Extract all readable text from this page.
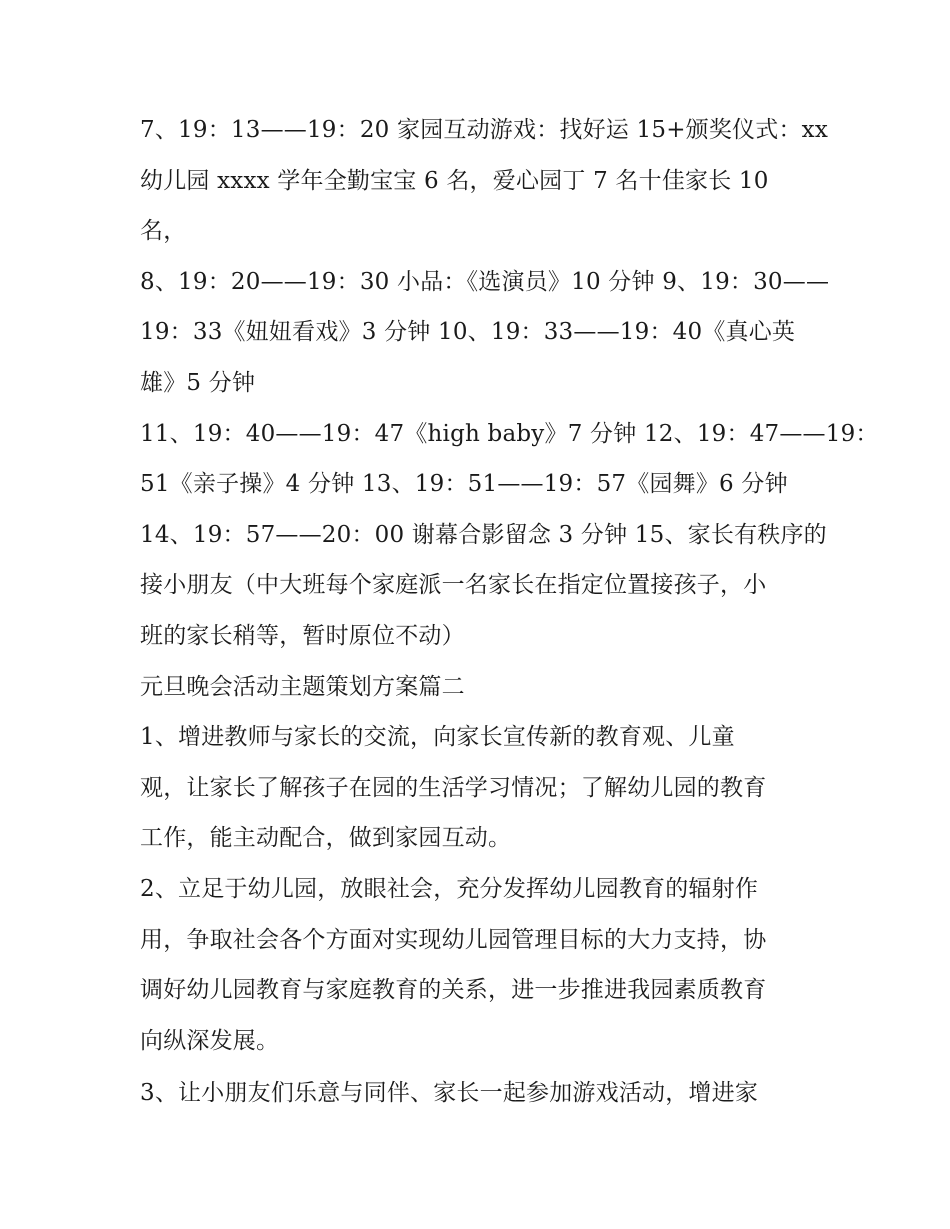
7、19：13——19：20 家园互动游戏：找好运 15+颁奖仪式：xx
幼儿园 xxxx 学年全勤宝宝 6 名，爱心园丁 7 名十佳家长 10
名，
8、19：20——19：30 小品：《选演员》10 分钟 9、19：30——
19：33《妞妞看戏》3 分钟 10、19：33——19：40《真心英
雄》5 分钟
11、19：40——19：47《high baby》7 分钟 12、19：47——19：
51《亲子操》4 分钟 13、19：51——19：57《园舞》6 分钟
14、19：57——20：00 谢幕合影留念 3 分钟 15、家长有秩序的
接小朋友（中大班每个家庭派一名家长在指定位置接孩子，小
班的家长稍等，暂时原位不动）
元旦晚会活动主题策划方案篇二
1、增进教师与家长的交流，向家长宣传新的教育观、儿童
观，让家长了解孩子在园的生活学习情况；了解幼儿园的教育
工作，能主动配合，做到家园互动。
2、立足于幼儿园，放眼社会，充分发挥幼儿园教育的辐射作
用，争取社会各个方面对实现幼儿园管理目标的大力支持，协
调好幼儿园教育与家庭教育的关系，进一步推进我园素质教育
向纵深发展。
3、让小朋友们乐意与同伴、家长一起参加游戏活动，增进家
